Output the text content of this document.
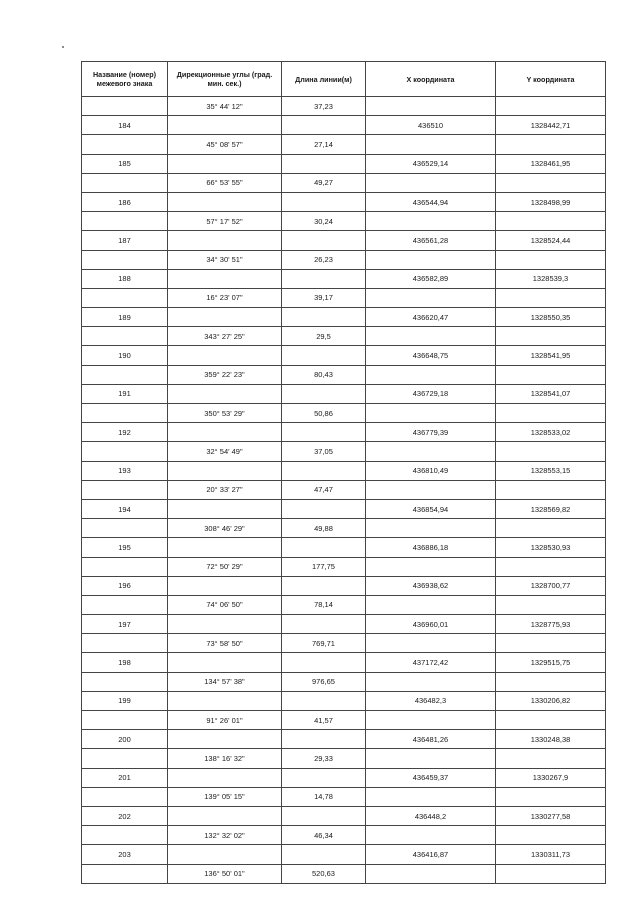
Название (номер) межевого знака	Дирекционные углы (град. мин. сек.)	Длина линии(м)	X координата	Y координата
	35° 44' 12"	37,23		
184			436510	1328442,71
	45° 08' 57"	27,14		
185			436529,14	1328461,95
	66° 53' 55"	49,27		
186			436544,94	1328498,99
	57° 17' 52"	30,24		
187			436561,28	1328524,44
	34° 30' 51"	26,23		
188			436582,89	1328539,3
	16° 23' 07"	39,17		
189			436620,47	1328550,35
	343° 27' 25"	29,5		
190			436648,75	1328541,95
	359° 22' 23"	80,43		
191			436729,18	1328541,07
	350° 53' 29"	50,86		
192			436779,39	1328533,02
	32° 54' 49"	37,05		
193			436810,49	1328553,15
	20° 33' 27"	47,47		
194			436854,94	1328569,82
	308° 46' 29"	49,88		
195			436886,18	1328530,93
	72° 50' 29"	177,75		
196			436938,62	1328700,77
	74° 06' 50"	78,14		
197			436960,01	1328775,93
	73° 58' 50"	769,71		
198			437172,42	1329515,75
	134° 57' 38"	976,65		
199			436482,3	1330206,82
	91° 26' 01"	41,57		
200			436481,26	1330248,38
	138° 16' 32"	29,33		
201			436459,37	1330267,9
	139° 05' 15"	14,78		
202			436448,2	1330277,58
	132° 32' 02"	46,34		
203			436416,87	1330311,73
	136° 50' 01"	520,63		
